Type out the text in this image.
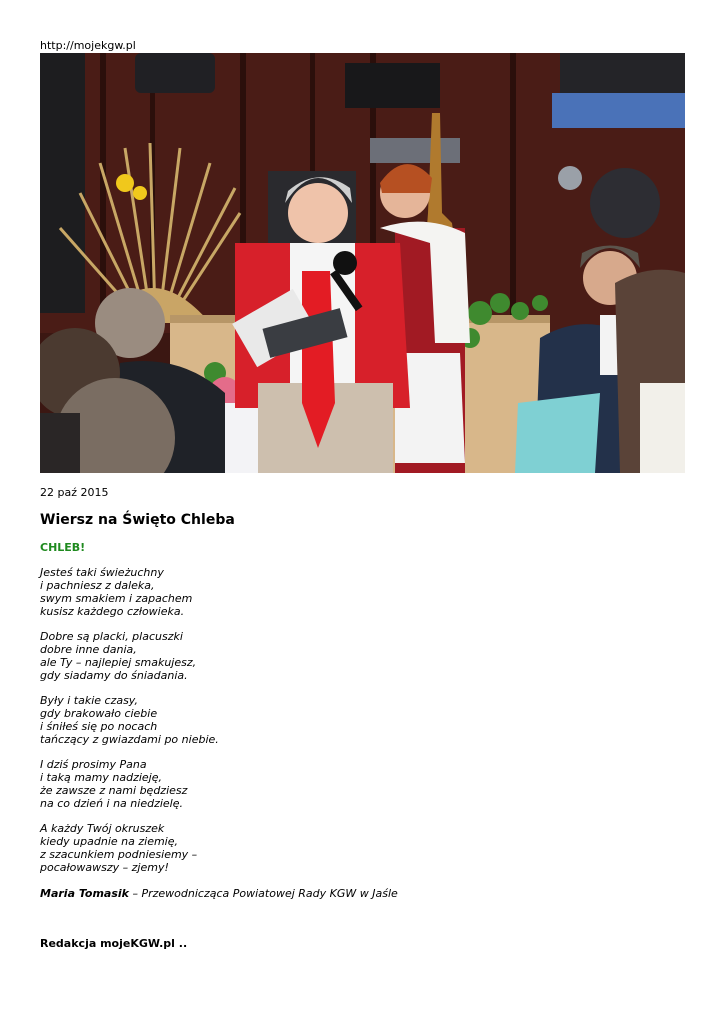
http://mojekgw.pl
22 paź 2015
Wiersz na Święto Chleba
CHLEB!
Jesteś taki świeżuchny
i pachniesz z daleka,
swym smakiem i zapachem
kusisz każdego człowieka.
Dobre są placki, placuszki
dobre inne dania,
ale Ty – najlepiej smakujesz,
gdy siadamy do śniadania.
Były i takie czasy,
gdy brakowało ciebie
i śniłeś się po nocach
tańczący z gwiazdami po niebie.
I dziś prosimy Pana
i taką mamy nadzieję,
że zawsze z nami będziesz
na co dzień i na niedzielę.
A każdy Twój okruszek
kiedy upadnie na ziemię,
z szacunkiem podniesiemy –
pocałowawszy – zjemy!
Maria Tomasik – Przewodnicząca Powiatowej Rady KGW w Jaśle
Redakcja mojeKGW.pl ..
